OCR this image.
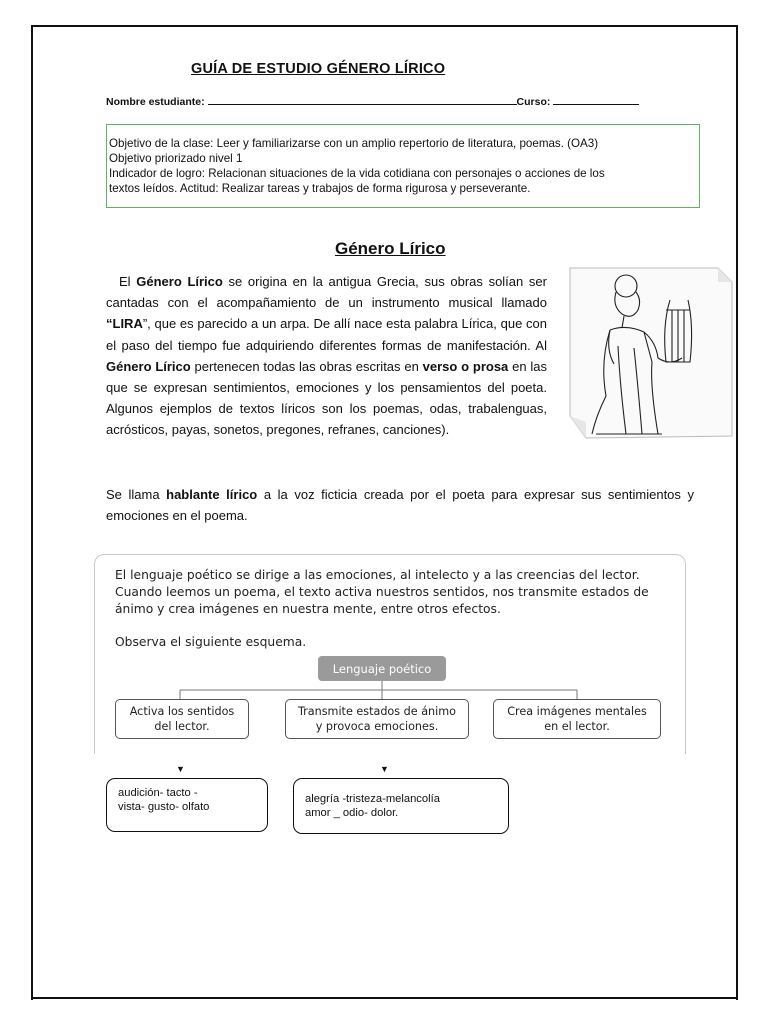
GUÍA DE ESTUDIO GÉNERO LÍRICO
Nombre estudiante:	Curso:
Objetivo de la clase: Leer y familiarizarse con un amplio repertorio de literatura, poemas. (OA3)
Objetivo priorizado nivel 1
Indicador de logro: Relacionan situaciones de la vida cotidiana con personajes o acciones de los
textos leídos. Actitud: Realizar tareas y trabajos de forma rigurosa y perseverante.
Género Lírico
El Género Lírico se origina en la antigua Grecia, sus obras solían ser cantadas con el acompañamiento de un instrumento musical llamado “LIRA”, que es parecido a un arpa. De allí nace esta palabra Lírica, que con el paso del tiempo fue adquiriendo diferentes formas de manifestación. Al Género Lírico pertenecen todas las obras escritas en verso o prosa en las que se expresan sentimientos, emociones y los pensamientos del poeta. Algunos ejemplos de textos líricos son los poemas, odas, trabalenguas, acrósticos, payas, sonetos, pregones, refranes, canciones).
Se llama hablante lírico a la voz ficticia creada por el poeta para expresar sus sentimientos y emociones en el poema.
El lenguaje poético se dirige a las emociones, al intelecto y a las creencias del lector.
Cuando leemos un poema, el texto activa nuestros sentidos, nos transmite estados de
ánimo y crea imágenes en nuestra mente, entre otros efectos.
Observa el siguiente esquema.
Lenguaje poético
Activa los sentidos
del lector.
Transmite estados de ánimo
y provoca emociones.
Crea imágenes mentales
en el lector.
▼	▼
audición- tacto -
vista- gusto- olfato
alegría -tristeza-melancolía
amor _ odio- dolor.
